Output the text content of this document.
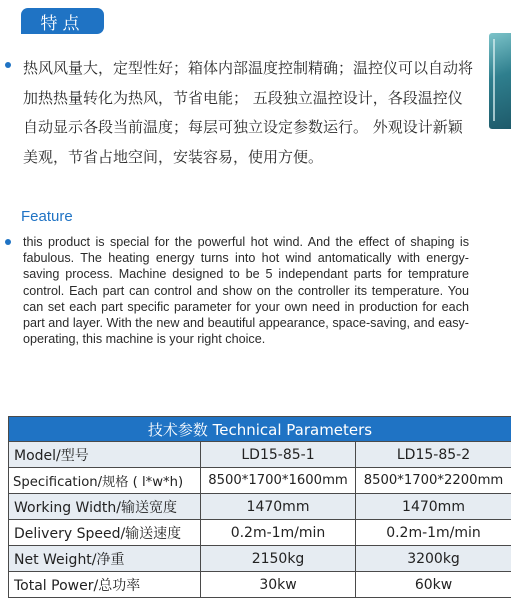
特点
热风风量大，定型性好；箱体内部温度控制精确；温控仪可以自动将加热热量转化为热风，节省电能； 五段独立温控设计，各段温控仪自动显示各段当前温度；每层可独立设定参数运行。 外观设计新颖美观，节省占地空间，安装容易，使用方便。
Feature
this product is special for the powerful hot wind. And the effect of shaping is fabulous. The heating energy turns into hot wind antomatically with energy-saving process. Machine designed to be 5 independant parts for temprature control. Each part can control and show on the controller its temperature. You can set each part specific parameter for your own need in production for each part and layer. With the new and beautiful appearance, space-saving, and easy-operating, this machine is your right choice.
技术参数 Technical Parameters		
Model/型号	LD15-85-1	LD15-85-2
Specification/规格 ( l*w*h)	8500*1700*1600mm	8500*1700*2200mm
Working Width/输送宽度	1470mm	1470mm
Delivery Speed/输送速度	0.2m-1m/min	0.2m-1m/min
Net Weight/净重	2150kg	3200kg
Total Power/总功率	30kw	60kw
